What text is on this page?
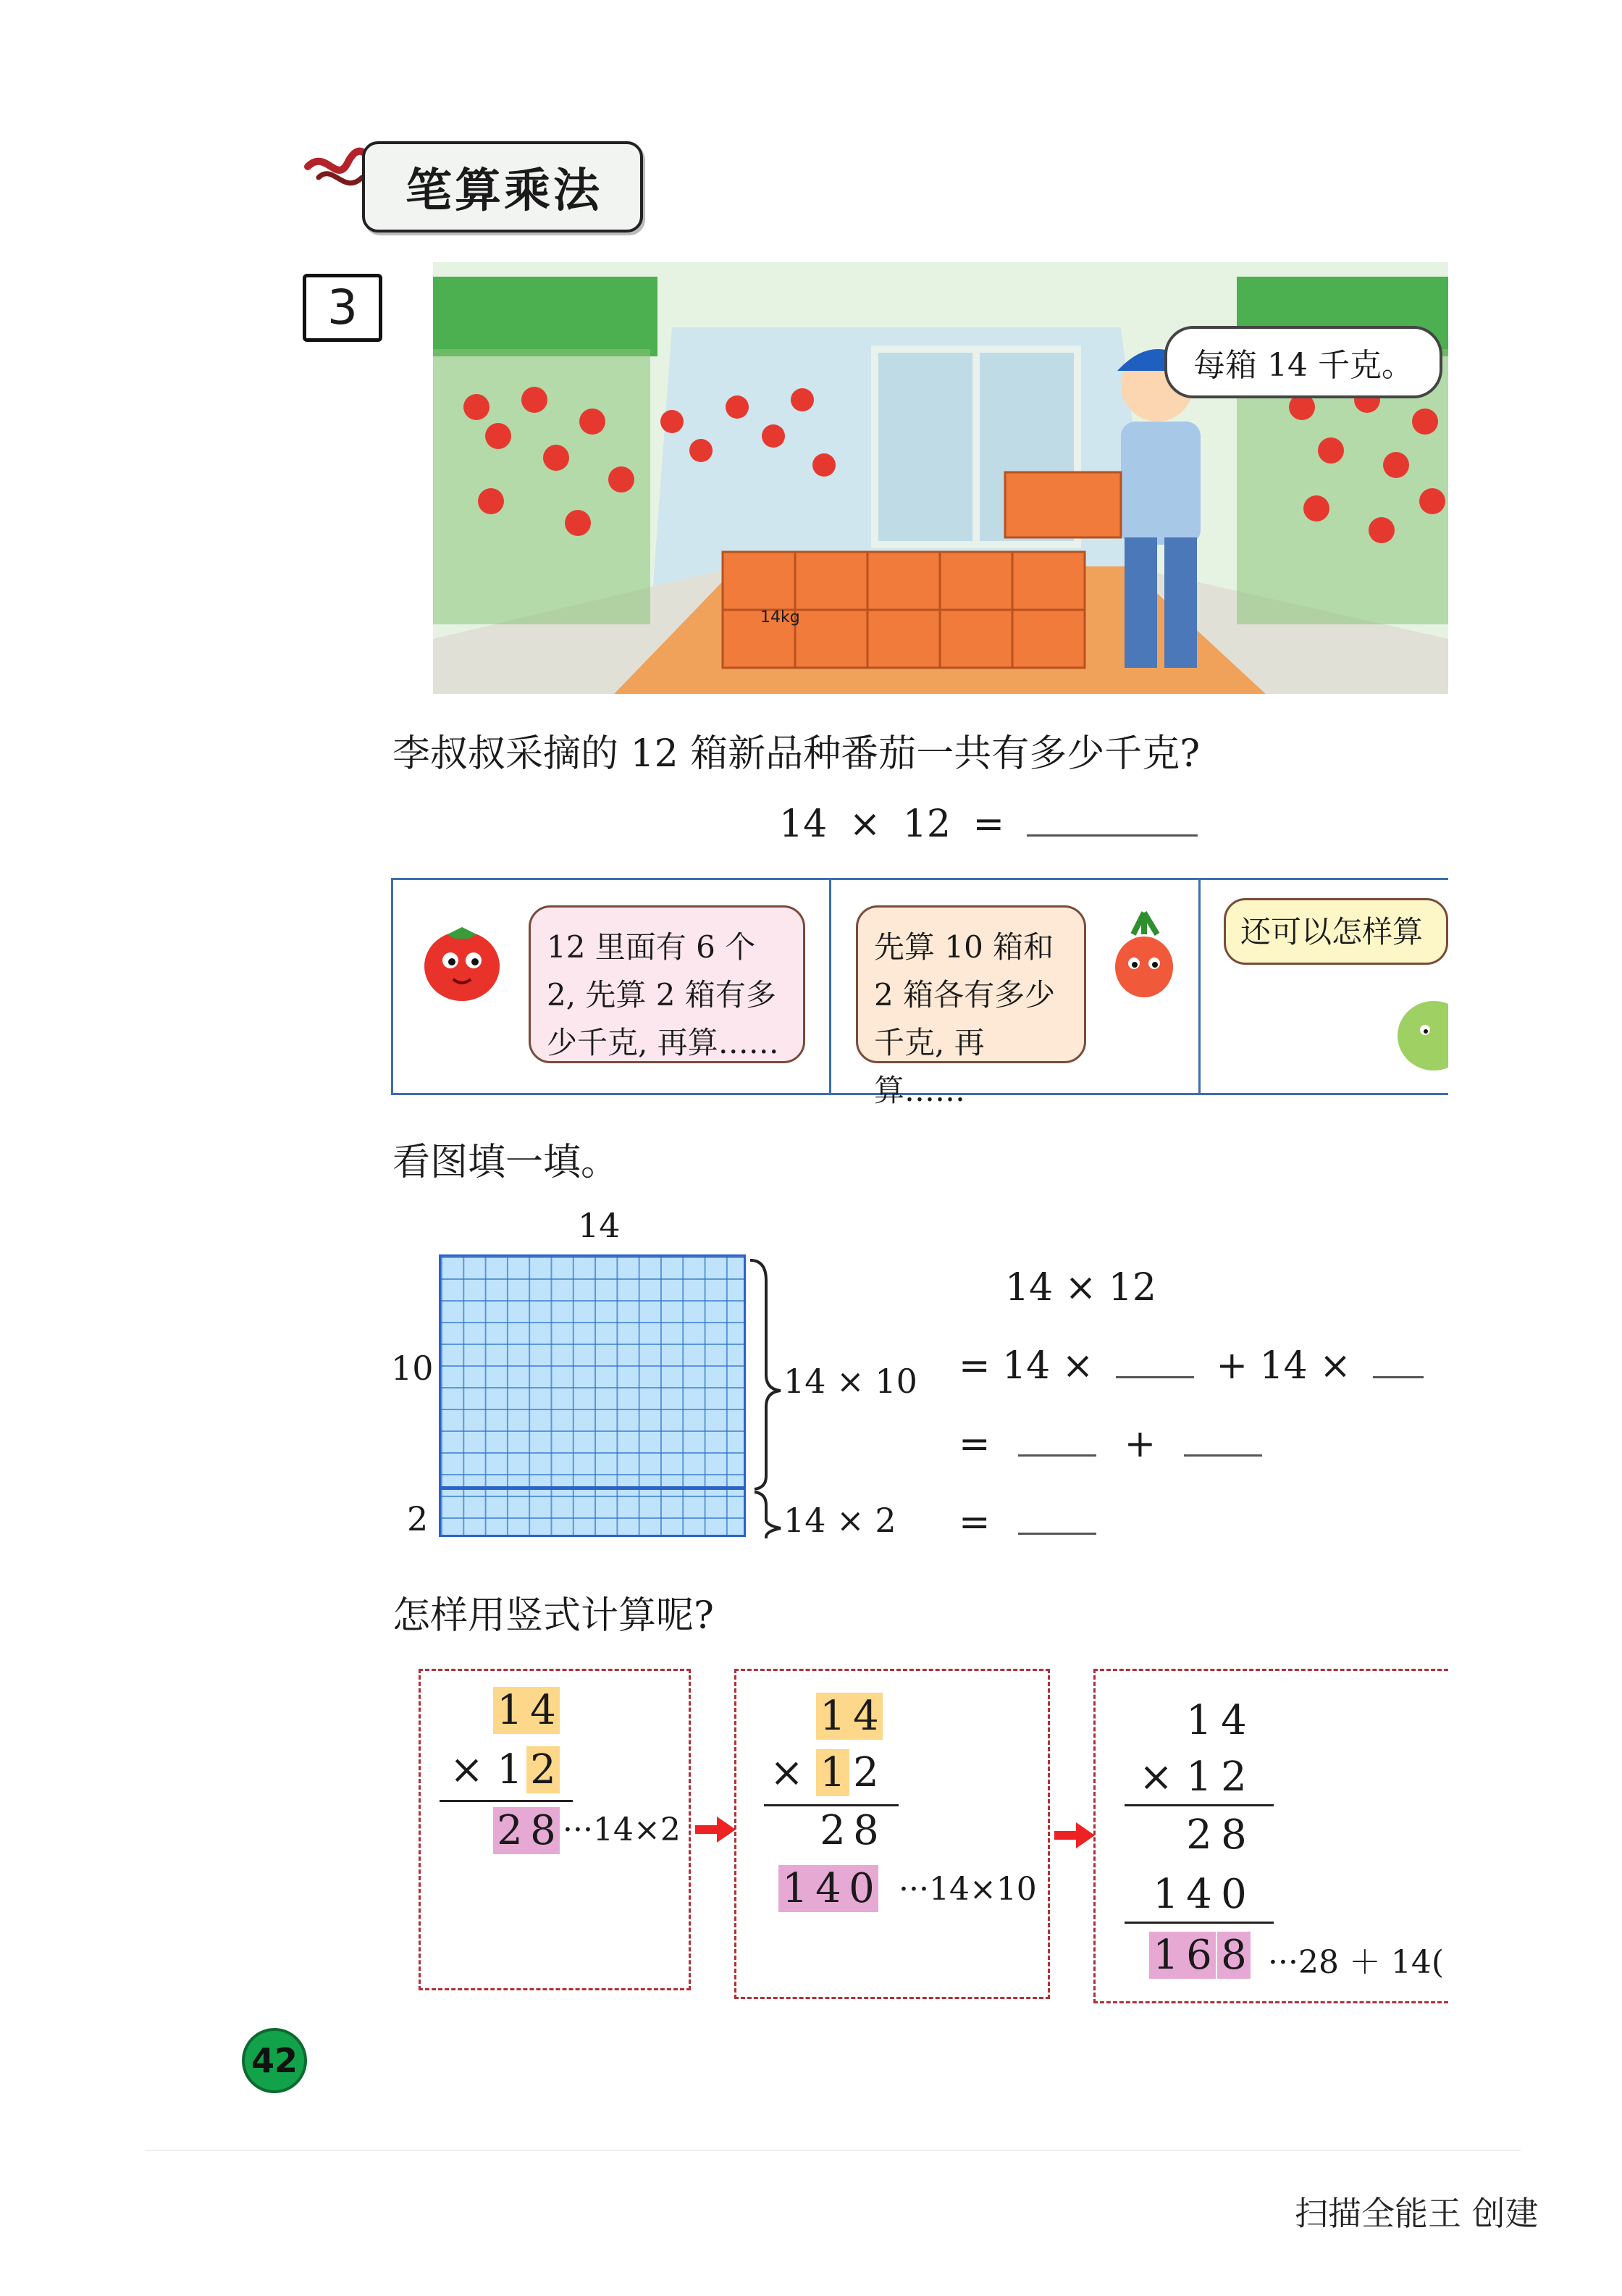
笔算乘法
3
14kg
每箱 14 千克。
李叔叔采摘的 12 箱新品种番茄一共有多少千克?
14 × 12 =
12 里面有 6 个 2, 先算 2 箱有多少千克, 再算……
先算 10 箱和 2 箱各有多少千克, 再算……
还可以怎样算
看图填一填。
14
10
2
14 × 10
14 × 2
14 × 12
= 14 ×	+ 14 ×
=	+
=
怎样用竖式计算呢?
1 4
× 1 2
2 8 ···14×2
1 4
× 1 2
2 8
1 4 0 ···14×10
1 4
× 1 2
2 8
1 4 0
1 6 8 ···28 ＋ 14(
42
扫描全能王 创建
